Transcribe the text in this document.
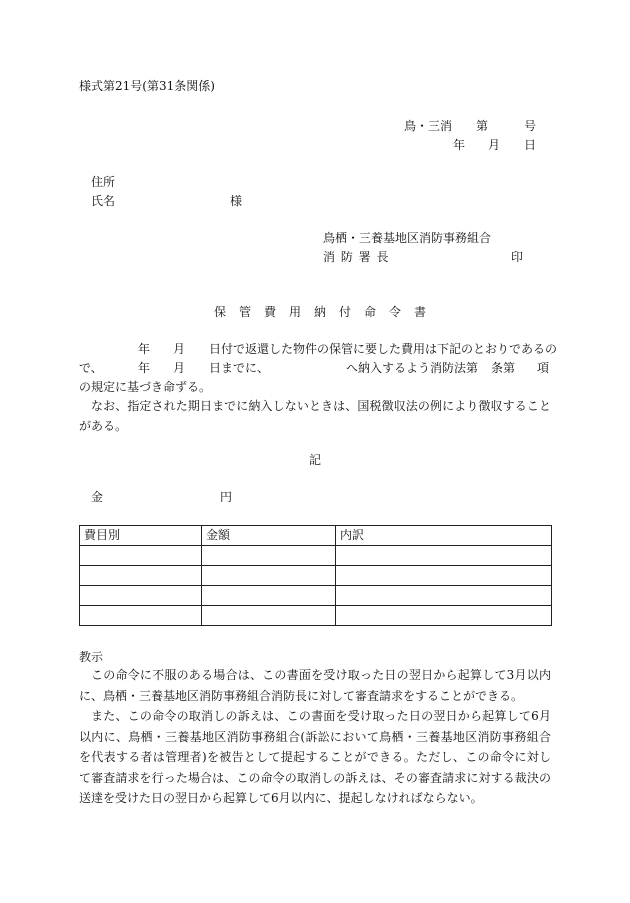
様式第21号(第31条関係)
鳥・三消 第	号
年 月 日
住所
氏名	様
鳥栖・三養基地区消防事務組合
消 防 署 長	印
保管費用納付命令書
年 月 日付で返還した物件の保管に要した費用は下記のとおりであるの
で、	年 月 日までに、	へ納入するよう消防法第 条第 項
の規定に基づき命ずる。
なお、指定された期日までに納入しないときは、国税徴収法の例により徴収することがある。
記
金	円
費目別	金額	内訳

教示
この命令に不服のある場合は、この書面を受け取った日の翌日から起算して3月以内に、鳥栖・三養基地区消防事務組合消防長に対して審査請求をすることができる。
また、この命令の取消しの訴えは、この書面を受け取った日の翌日から起算して6月以内に、鳥栖・三養基地区消防事務組合(訴訟において鳥栖・三養基地区消防事務組合を代表する者は管理者)を被告として提起することができる。ただし、この命令に対して審査請求を行った場合は、この命令の取消しの訴えは、その審査請求に対する裁決の送達を受けた日の翌日から起算して6月以内に、提起しなければならない。
